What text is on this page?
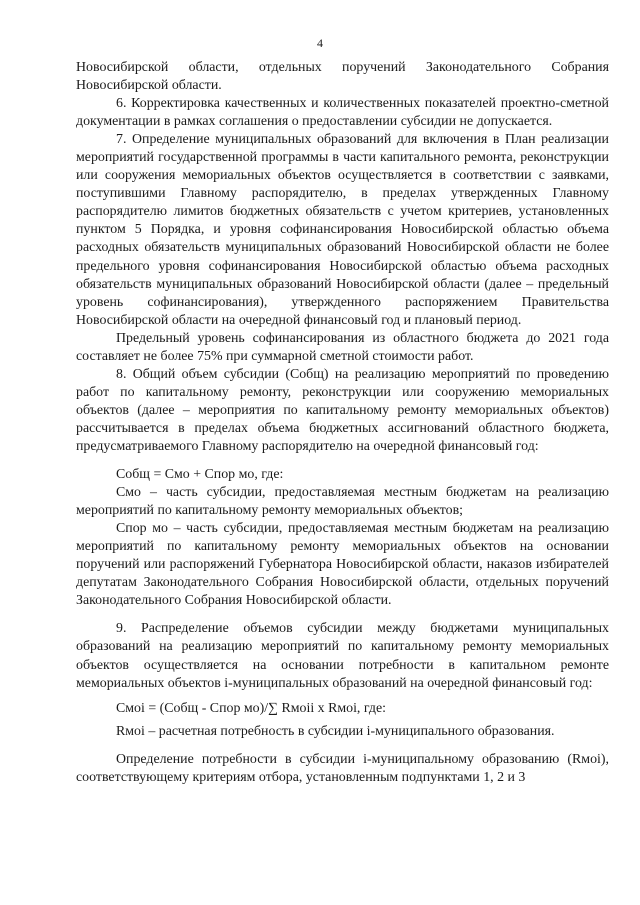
4

Новосибирской области, отдельных поручений Законодательного Собрания Новосибирской области.

6. Корректировка качественных и количественных показателей проектно-сметной документации в рамках соглашения о предоставлении субсидии не допускается.

7. Определение муниципальных образований для включения в План реализации мероприятий государственной программы в части капитального ремонта, реконструкции или сооружения мемориальных объектов осуществляется в соответствии с заявками, поступившими Главному распорядителю, в пределах утвержденных Главному распорядителю лимитов бюджетных обязательств с учетом критериев, установленных пунктом 5 Порядка, и уровня софинансирования Новосибирской областью объема расходных обязательств муниципальных образований Новосибирской области не более предельного уровня софинансирования Новосибирской областью объема расходных обязательств муниципальных образований Новосибирской области (далее – предельный уровень софинансирования), утвержденного распоряжением Правительства Новосибирской области на очередной финансовый год и плановый период.

Предельный уровень софинансирования из областного бюджета до 2021 года составляет не более 75% при суммарной сметной стоимости работ.

8. Общий объем субсидии (Собщ) на реализацию мероприятий по проведению работ по капитальному ремонту, реконструкции или сооружению мемориальных объектов (далее – мероприятия по капитальному ремонту мемориальных объектов) рассчитывается в пределах объема бюджетных ассигнований областного бюджета, предусматриваемого Главному распорядителю на очередной финансовый год:

Собщ = Смо + Спор мо, где:

Смо – часть субсидии, предоставляемая местным бюджетам на реализацию мероприятий по капитальному ремонту мемориальных объектов;

Спор мо – часть субсидии, предоставляемая местным бюджетам на реализацию мероприятий по капитальному ремонту мемориальных объектов на основании поручений или распоряжений Губернатора Новосибирской области, наказов избирателей депутатам Законодательного Собрания Новосибирской области, отдельных поручений Законодательного Собрания Новосибирской области.

9. Распределение объемов субсидии между бюджетами муниципальных образований на реализацию мероприятий по капитальному ремонту мемориальных объектов осуществляется на основании потребности в капитальном ремонте мемориальных объектов i-муниципальных образований на очередной финансовый год:

Смоi = (Собщ - Спор мо)/∑ Rмоii x Rмоi, где:

Rмоi – расчетная потребность в субсидии i-муниципального образования.

Определение потребности в субсидии i-муниципальному образованию (Rмоi), соответствующему критериям отбора, установленным подпунктами 1, 2 и 3
